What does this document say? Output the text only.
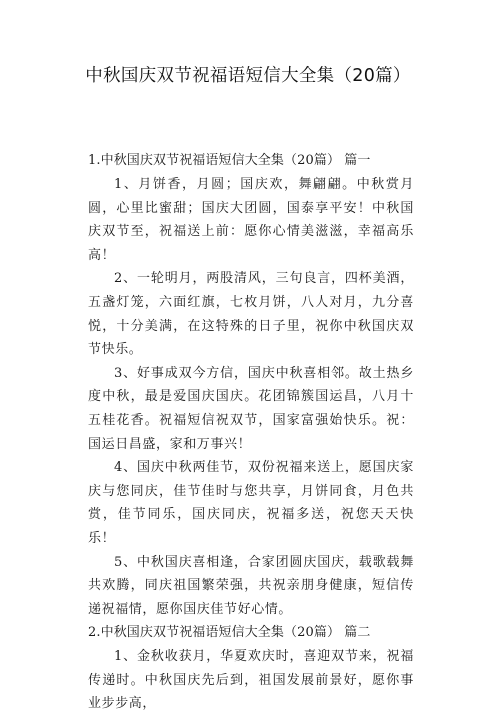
中秋国庆双节祝福语短信大全集（20篇）
1.中秋国庆双节祝福语短信大全集（20篇） 篇一

1、月饼香，月圆；国庆欢，舞翩翩。中秋赏月圆，心里比蜜甜；国庆大团圆，国泰享平安！中秋国庆双节至，祝福送上前：愿你心情美滋滋，幸福高乐高！

2、一轮明月，两股清风，三句良言，四杯美酒，五盏灯笼，六面红旗，七枚月饼，八人对月，九分喜悦，十分美满，在这特殊的日子里，祝你中秋国庆双节快乐。

3、好事成双今方信，国庆中秋喜相邻。故土热乡度中秋，最是爱国庆国庆。花团锦簇国运昌，八月十五桂花香。祝福短信祝双节，国家富强始快乐。祝：国运日昌盛，家和万事兴！

4、国庆中秋两佳节，双份祝福来送上，愿国庆家庆与您同庆，佳节佳时与您共享，月饼同食，月色共赏，佳节同乐，国庆同庆，祝福多送，祝您天天快乐！

5、中秋国庆喜相逢，合家团圆庆国庆，载歌载舞共欢腾，同庆祖国繁荣强，共祝亲朋身健康，短信传递祝福情，愿你国庆佳节好心情。

2.中秋国庆双节祝福语短信大全集（20篇） 篇二

1、金秋收获月，华夏欢庆时，喜迎双节来，祝福传递时。中秋国庆先后到，祖国发展前景好，愿你事业步步高，
